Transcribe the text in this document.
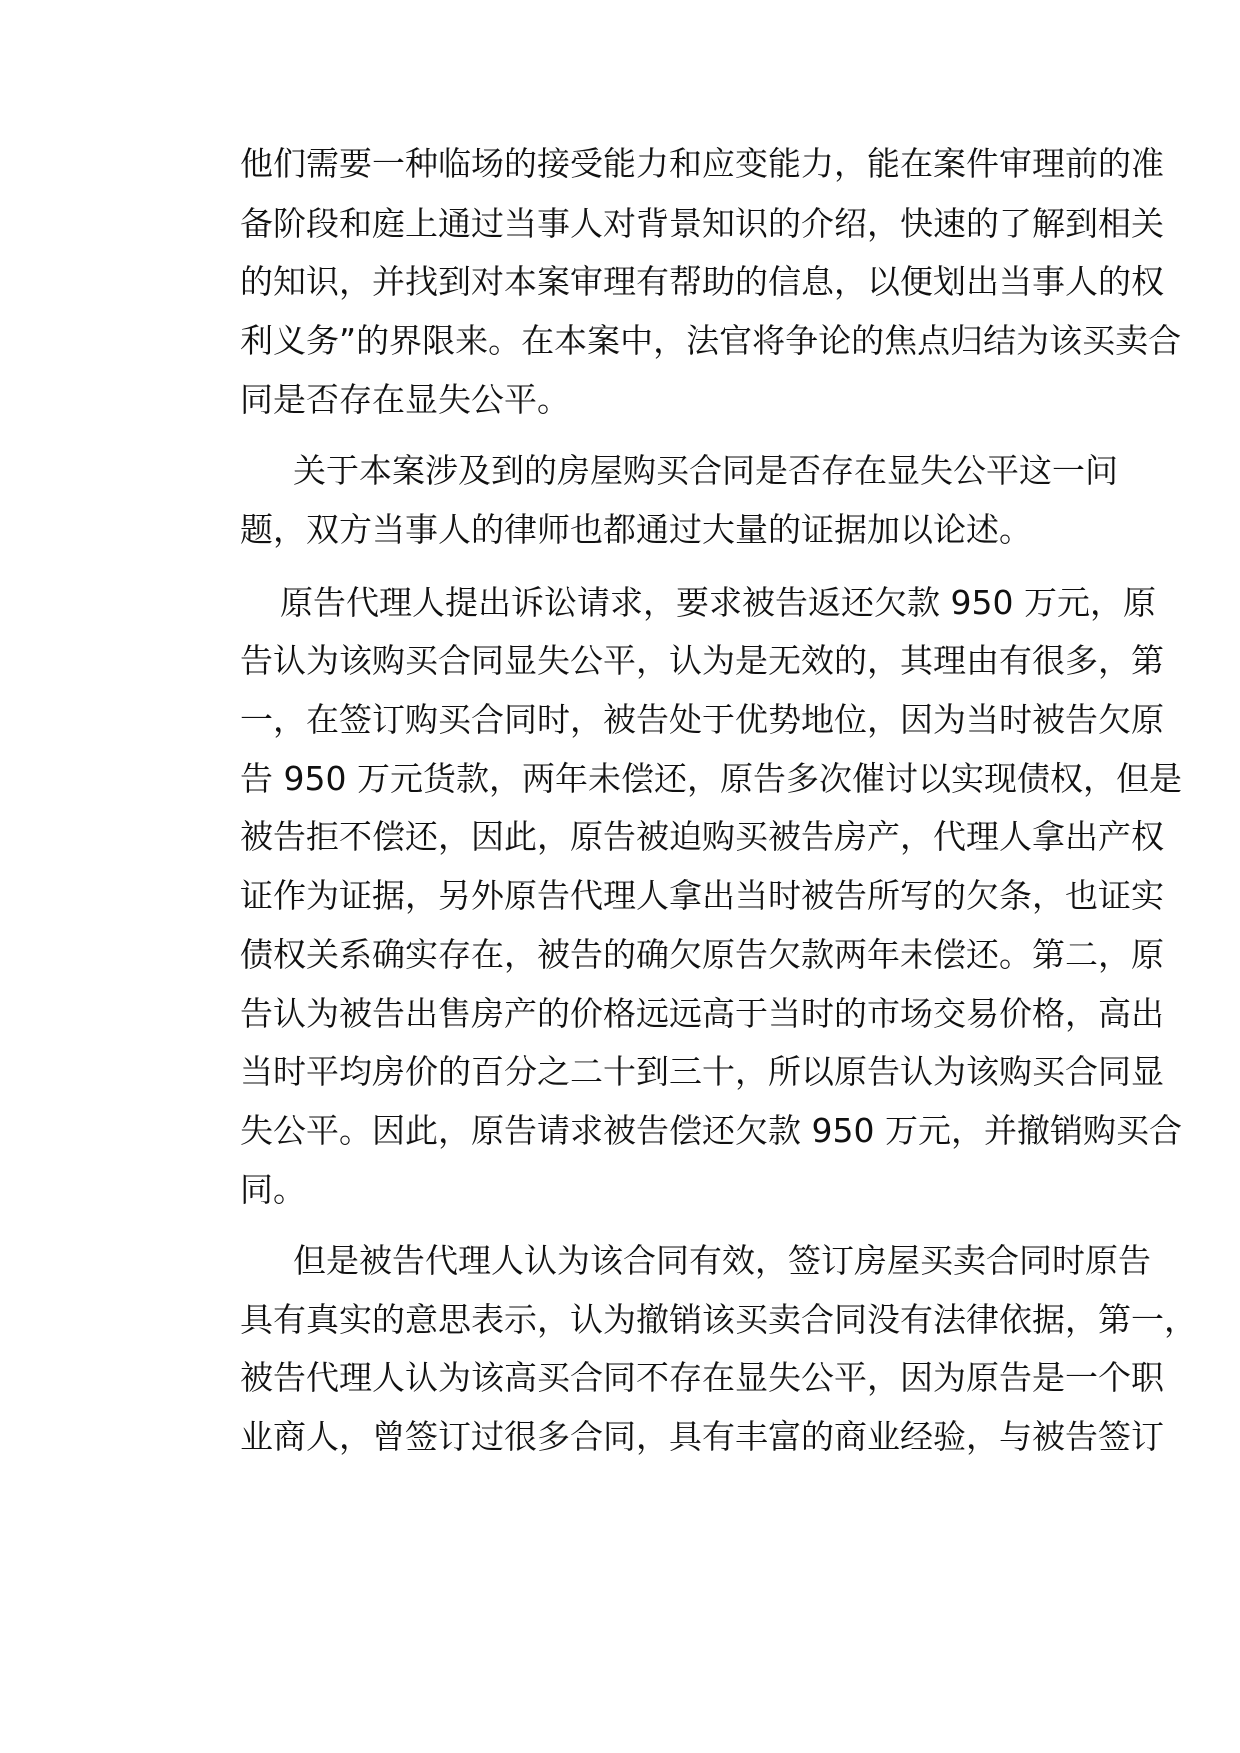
他们需要一种临场的接受能力和应变能力，能在案件审理前的准
备阶段和庭上通过当事人对背景知识的介绍，快速的了解到相关
的知识，并找到对本案审理有帮助的信息，以便划出当事人的权
利义务”的界限来。在本案中，法官将争论的焦点归结为该买卖合
同是否存在显失公平。
关于本案涉及到的房屋购买合同是否存在显失公平这一问
题，双方当事人的律师也都通过大量的证据加以论述。
原告代理人提出诉讼请求，要求被告返还欠款 950 万元，原
告认为该购买合同显失公平，认为是无效的，其理由有很多，第
一，在签订购买合同时，被告处于优势地位，因为当时被告欠原
告 950 万元货款，两年未偿还，原告多次催讨以实现债权，但是
被告拒不偿还，因此，原告被迫购买被告房产，代理人拿出产权
证作为证据，另外原告代理人拿出当时被告所写的欠条，也证实
债权关系确实存在，被告的确欠原告欠款两年未偿还。第二，原
告认为被告出售房产的价格远远高于当时的市场交易价格，高出
当时平均房价的百分之二十到三十，所以原告认为该购买合同显
失公平。因此，原告请求被告偿还欠款 950 万元，并撤销购买合
同。
但是被告代理人认为该合同有效，签订房屋买卖合同时原告
具有真实的意思表示，认为撤销该买卖合同没有法律依据，第一，
被告代理人认为该高买合同不存在显失公平，因为原告是一个职
业商人，曾签订过很多合同，具有丰富的商业经验，与被告签订
